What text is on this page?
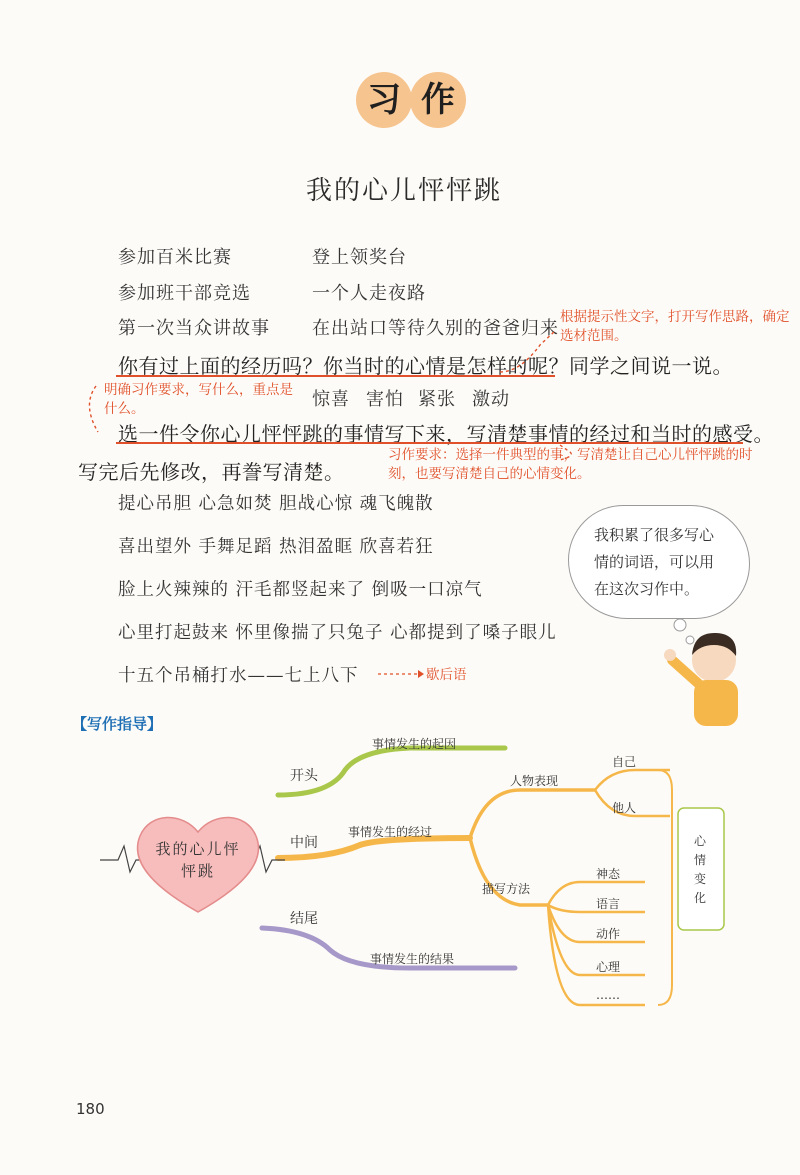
习 作
我的心儿怦怦跳
参加百米比赛	登上领奖台
参加班干部竞选	一个人走夜路
第一次当众讲故事 在出站口等待久别的爸爸归来
根据提示性文字，打开写作思路，确定选材范围。
你有过上面的经历吗？你当时的心情是怎样的呢？同学之间说一说。
明确习作要求，写什么，重点是什么。	惊喜 害怕 紧张 激动
选一件令你心儿怦怦跳的事情写下来，写清楚事情的经过和当时的感受。
写完后先修改，再誊写清楚。
习作要求：选择一件典型的事，写清楚让自己心儿怦怦跳的时刻，也要写清楚自己的心情变化。
提心吊胆 心急如焚 胆战心惊 魂飞魄散
喜出望外 手舞足蹈 热泪盈眶 欣喜若狂
脸上火辣辣的 汗毛都竖起来了 倒吸一口凉气
心里打起鼓来 怀里像揣了只兔子 心都提到了嗓子眼儿
十五个吊桶打水——七上八下	歇后语
我积累了很多写心情的词语，可以用在这次习作中。
【写作指导】
我的心儿怦怦跳
开头
事情发生的起因
中间
事情发生的经过
结尾
事情发生的结果
人物表现
自己
他人
描写方法
神态
语言
动作
心理
……
心情变化
180
